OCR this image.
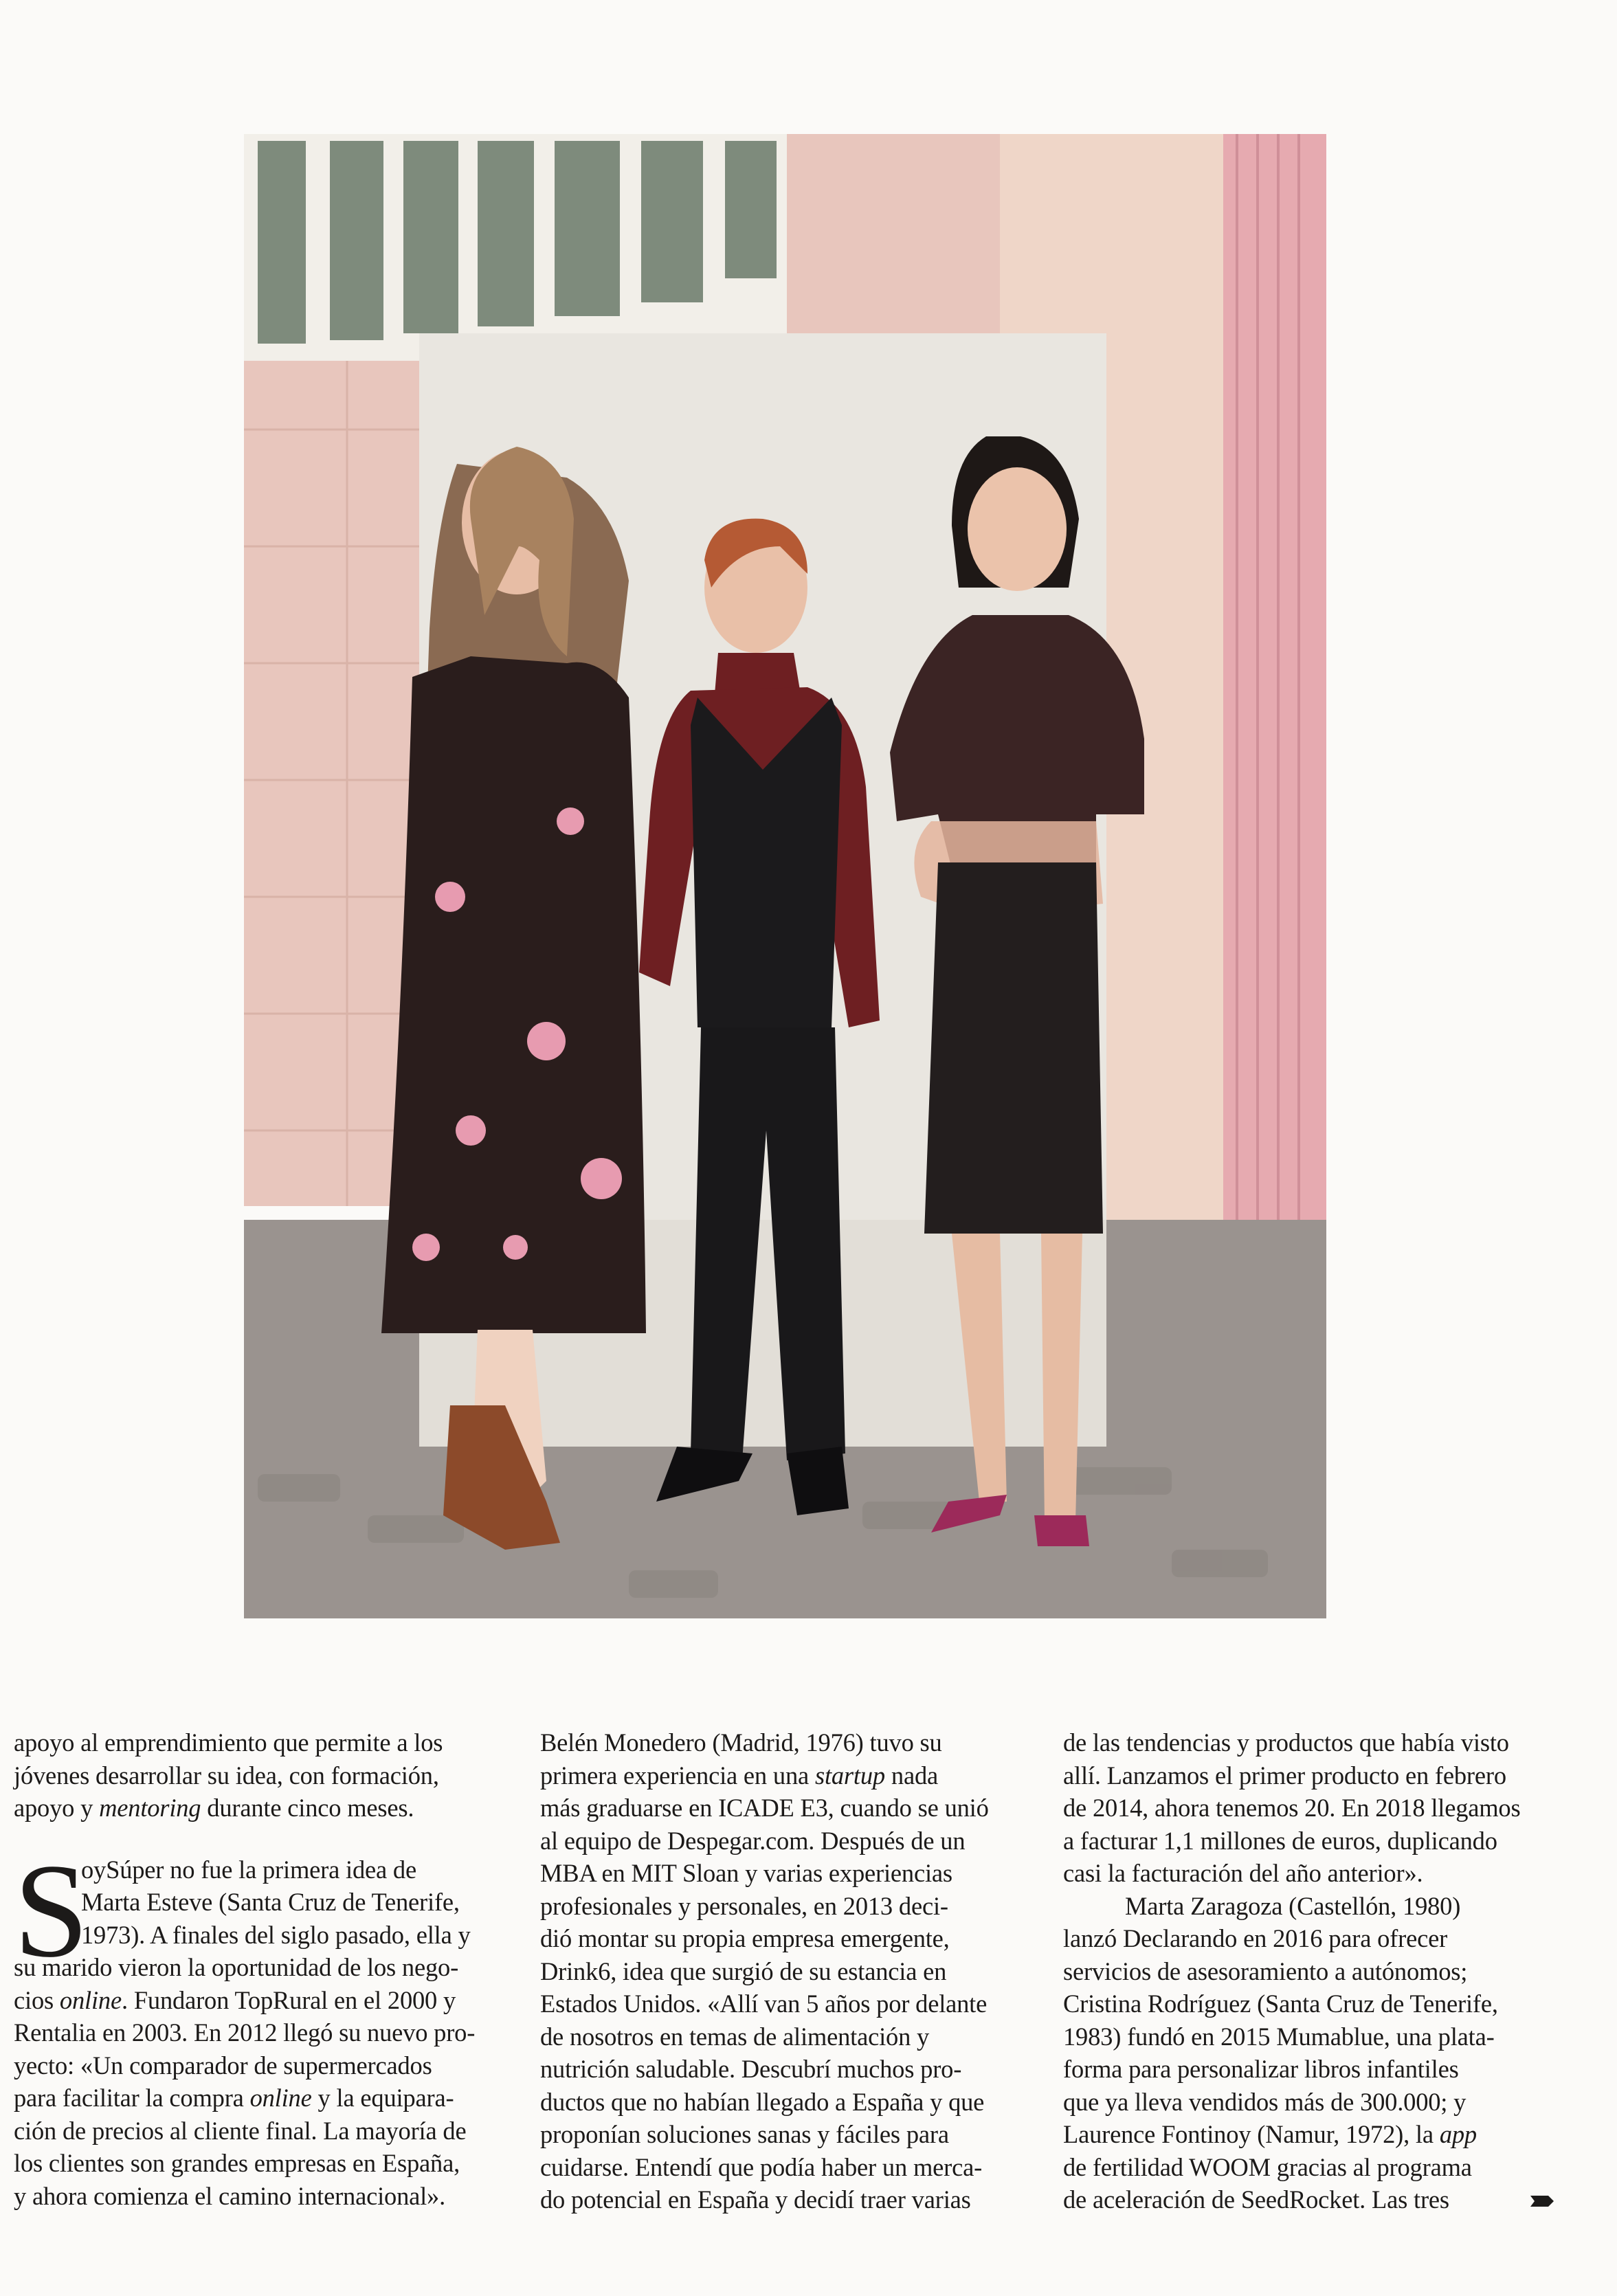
apoyo al emprendimiento que permite a los
jóvenes desarrollar su idea, con formación,
apoyo y mentoring durante cinco meses.
S
oySúper no fue la primera idea de
Marta Esteve (Santa Cruz de Tenerife,
1973). A finales del siglo pasado, ella y
su marido vieron la oportunidad de los nego-
cios online. Fundaron TopRural en el 2000 y
Rentalia en 2003. En 2012 llegó su nuevo pro-
yecto: «Un comparador de supermercados
para facilitar la compra online y la equipara-
ción de precios al cliente final. La mayoría de
los clientes son grandes empresas en España,
y ahora comienza el camino internacional».
Belén Monedero (Madrid, 1976) tuvo su
primera experiencia en una startup nada
más graduarse en ICADE E3, cuando se unió
al equipo de Despegar.com. Después de un
MBA en MIT Sloan y varias experiencias
profesionales y personales, en 2013 deci-
dió montar su propia empresa emergente,
Drink6, idea que surgió de su estancia en
Estados Unidos. «Allí van 5 años por delante
de nosotros en temas de alimentación y
nutrición saludable. Descubrí muchos pro-
ductos que no habían llegado a España y que
proponían soluciones sanas y fáciles para
cuidarse. Entendí que podía haber un merca-
do potencial en España y decidí traer varias
de las tendencias y productos que había visto
allí. Lanzamos el primer producto en febrero
de 2014, ahora tenemos 20. En 2018 llegamos
a facturar 1,1 millones de euros, duplicando
casi la facturación del año anterior».
Marta Zaragoza (Castellón, 1980)
lanzó Declarando en 2016 para ofrecer
servicios de asesoramiento a autónomos;
Cristina Rodríguez (Santa Cruz de Tenerife,
1983) fundó en 2015 Mumablue, una plata-
forma para personalizar libros infantiles
que ya lleva vendidos más de 300.000; y
Laurence Fontinoy (Namur, 1972), la app
de fertilidad WOOM gracias al programa
de aceleración de SeedRocket. Las tres
